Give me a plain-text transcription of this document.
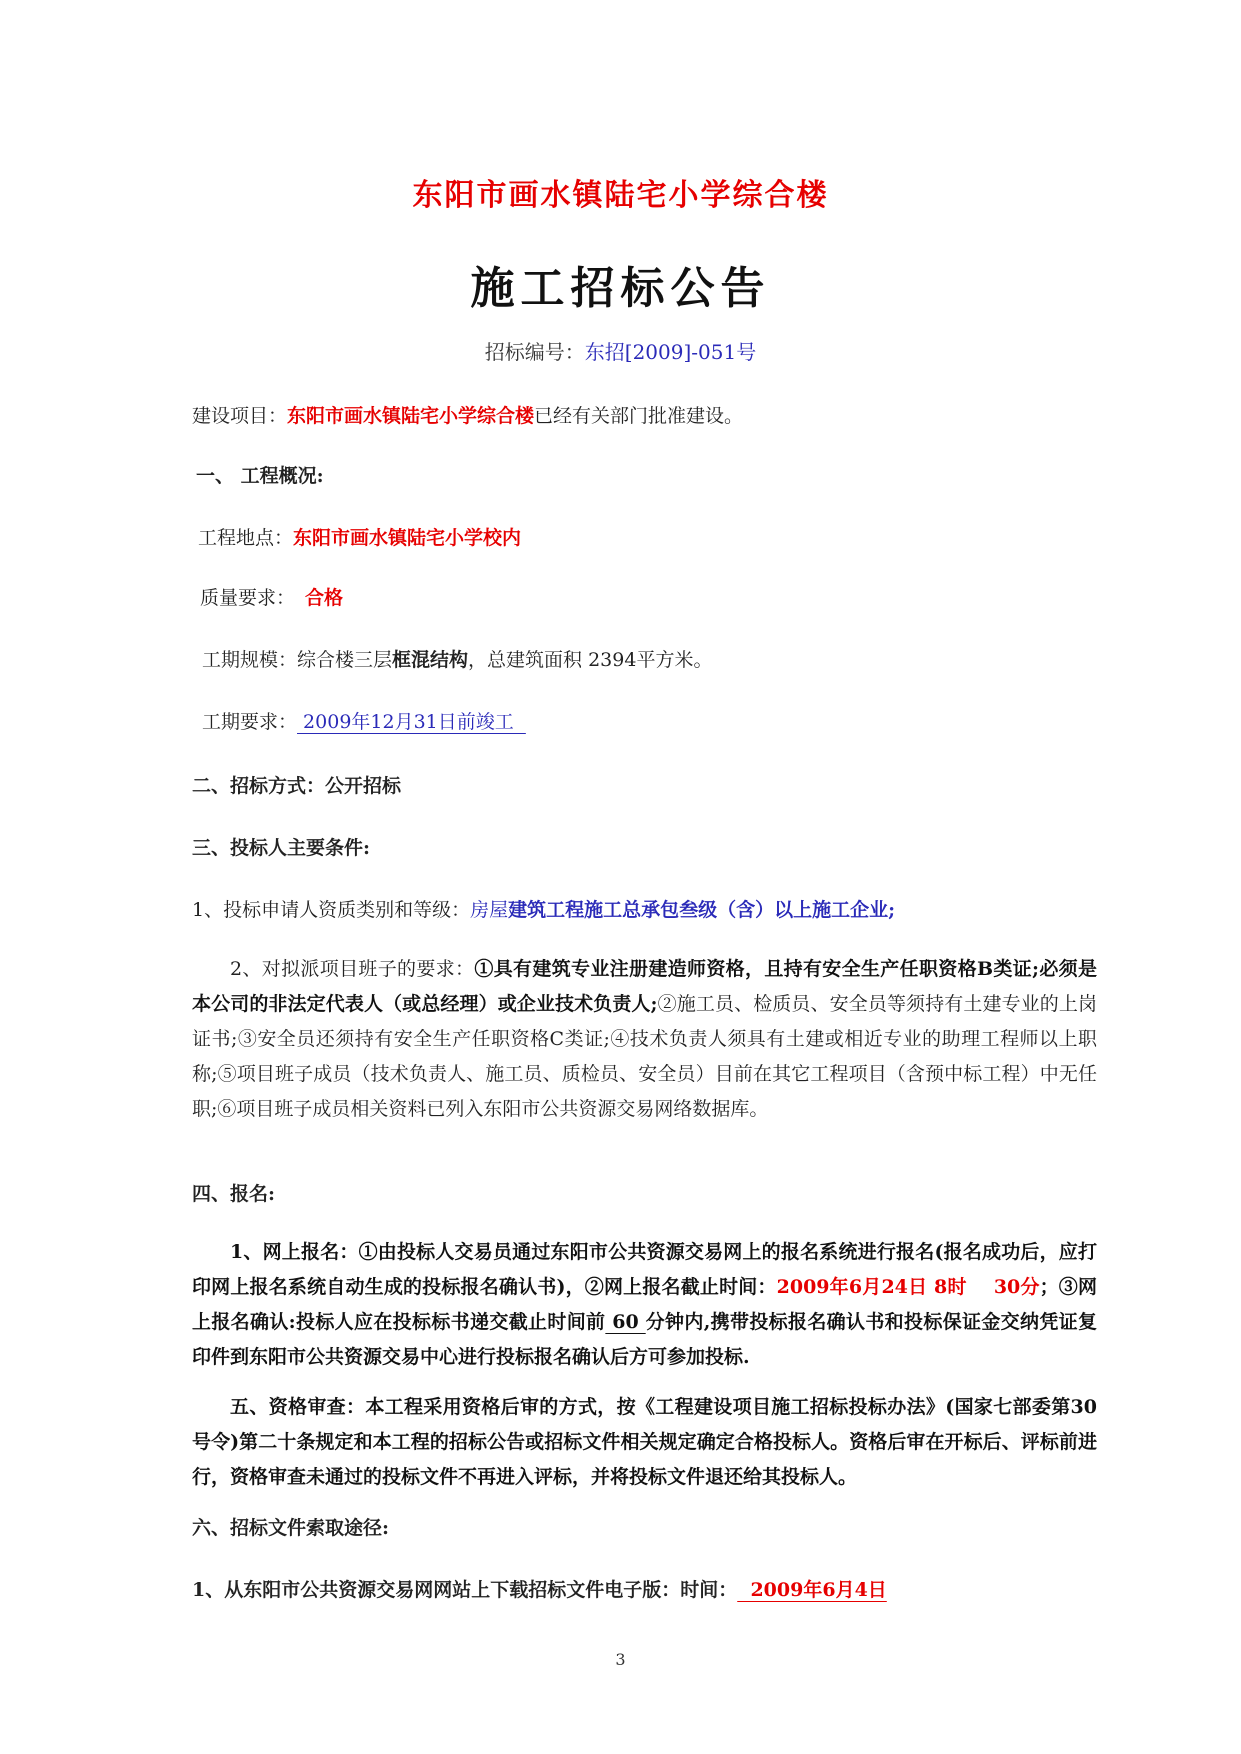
东阳市画水镇陆宅小学综合楼
施工招标公告
招标编号：东招[2009]-051号
建设项目：东阳市画水镇陆宅小学综合楼已经有关部门批准建设。
一、 工程概况:
工程地点：东阳市画水镇陆宅小学校内
质量要求： 合格
工期规模：综合楼三层框混结构，总建筑面积 2394平方米。
工期要求： 2009年12月31日前竣工
二、招标方式：公开招标
三、投标人主要条件:
1、投标申请人资质类别和等级：房屋建筑工程施工总承包叁级（含）以上施工企业;
2、对拟派项目班子的要求：①具有建筑专业注册建造师资格，且持有安全生产任职资格B类证;必须是本公司的非法定代表人（或总经理）或企业技术负责人;②施工员、检质员、安全员等须持有土建专业的上岗证书;③安全员还须持有安全生产任职资格C类证;④技术负责人须具有土建或相近专业的助理工程师以上职称;⑤项目班子成员（技术负责人、施工员、质检员、安全员）目前在其它工程项目（含预中标工程）中无任职;⑥项目班子成员相关资料已列入东阳市公共资源交易网络数据库。
四、报名:
1、网上报名：①由投标人交易员通过东阳市公共资源交易网上的报名系统进行报名(报名成功后，应打印网上报名系统自动生成的投标报名确认书)，②网上报名截止时间：2009年6月24日 8时    30分；③网上报名确认:投标人应在投标标书递交截止时间前 60 分钟内,携带投标报名确认书和投标保证金交纳凭证复印件到东阳市公共资源交易中心进行投标报名确认后方可参加投标.
五、资格审查：本工程采用资格后审的方式，按《工程建设项目施工招标投标办法》(国家七部委第30号令)第二十条规定和本工程的招标公告或招标文件相关规定确定合格投标人。资格后审在开标后、评标前进行，资格审查未通过的投标文件不再进入评标，并将投标文件退还给其投标人。
六、招标文件索取途径:
1、从东阳市公共资源交易网网站上下载招标文件电子版：时间：  2009年6月4日
3
